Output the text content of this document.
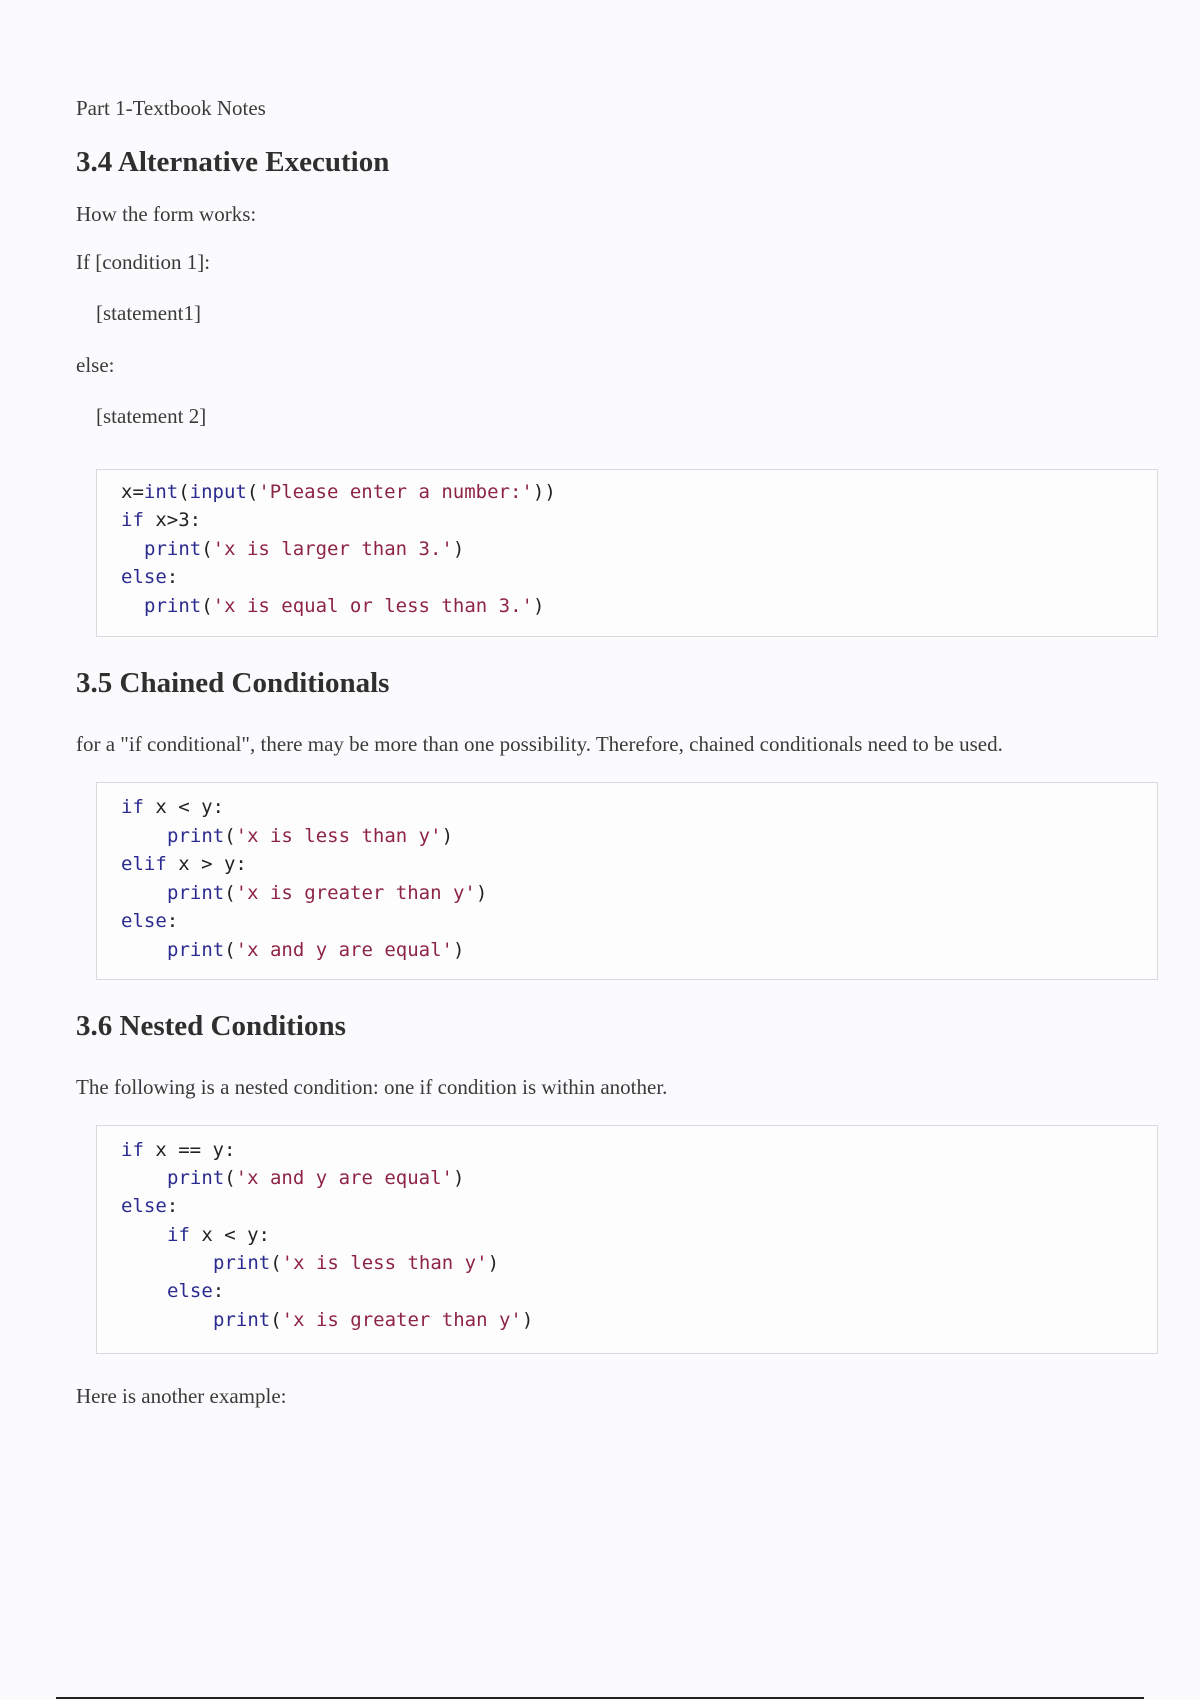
Part 1-Textbook Notes
3.4 Alternative Execution
How the form works:
If [condition 1]:
[statement1]
else:
[statement 2]
x=int(input('Please enter a number:'))
if x>3:
print('x is larger than 3.')
else:
print('x is equal or less than 3.')
3.5 Chained Conditionals
for a "if conditional", there may be more than one possibility. Therefore, chained conditionals need to be used.
if x < y:
print('x is less than y')
elif x > y:
print('x is greater than y')
else:
print('x and y are equal')
3.6 Nested Conditions
The following is a nested condition: one if condition is within another.
if x == y:
print('x and y are equal')
else:
if x < y:
print('x is less than y')
else:
print('x is greater than y')
Here is another example:
